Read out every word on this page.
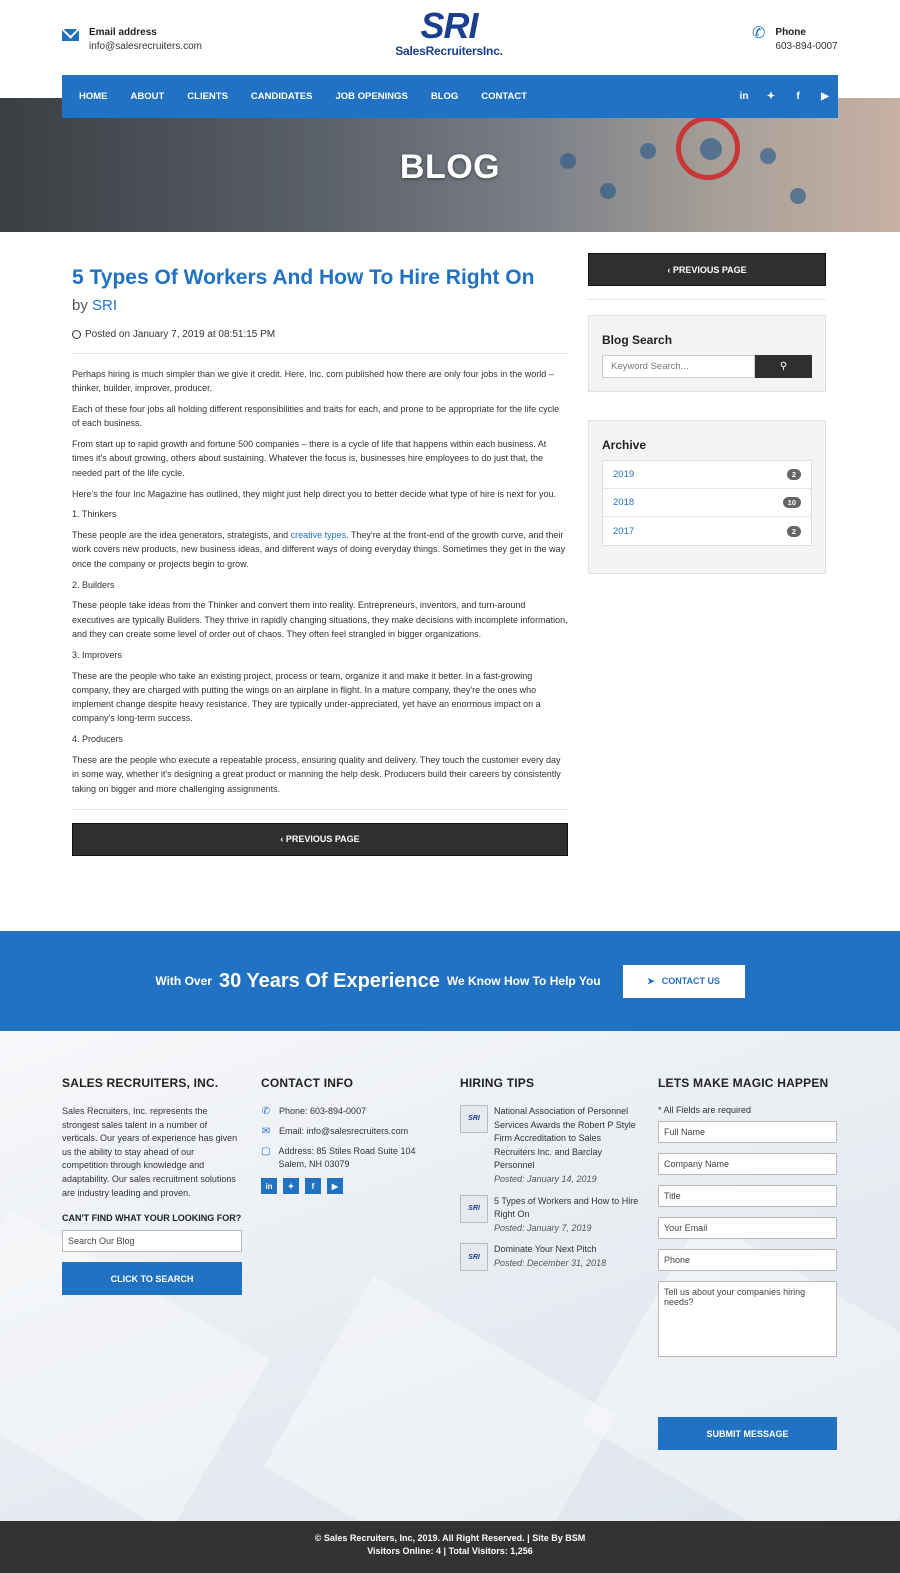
Email address
info@salesrecruiters.com
SRI
SalesRecruitersInc.
✆ Phone
603-894-0007
BLOG
HOME ABOUT CLIENTS CANDIDATES JOB OPENINGS BLOG CONTACT	in ✦	f	▶
5 Types Of Workers And How To Hire Right On
by SRI
Posted on January 7, 2019 at 08:51:15 PM

Perhaps hiring is much simpler than we give it credit. Here, Inc. com published how there are only four jobs in the world – thinker, builder, improver, producer.

Each of these four jobs all holding different responsibilities and traits for each, and prone to be appropriate for the life cycle of each business.

From start up to rapid growth and fortune 500 companies – there is a cycle of life that happens within each business. At times it's about growing, others about sustaining. Whatever the focus is, businesses hire employees to do just that, the needed part of the life cycle.

Here's the four Inc Magazine has outlined, they might just help direct you to better decide what type of hire is next for you.

1. Thinkers

These people are the idea generators, strategists, and creative types. They're at the front-end of the growth curve, and their work covers new products, new business ideas, and different ways of doing everyday things. Sometimes they get in the way once the company or projects begin to grow.

2. Builders

These people take ideas from the Thinker and convert them into reality. Entrepreneurs, inventors, and turn-around executives are typically Builders. They thrive in rapidly changing situations, they make decisions with incomplete information, and they can create some level of order out of chaos. They often feel strangled in bigger organizations.

3. Improvers

These are the people who take an existing project, process or team, organize it and make it better. In a fast-growing company, they are charged with putting the wings on an airplane in flight. In a mature company, they're the ones who implement change despite heavy resistance. They are typically under-appreciated, yet have an enormous impact on a company's long-term success.

4. Producers

These are the people who execute a repeatable process, ensuring quality and delivery. They touch the customer every day in some way, whether it's designing a great product or manning the help desk. Producers build their careers by consistently taking on bigger and more challenging assignments.

‹ PREVIOUS PAGE
‹ PREVIOUS PAGE
Blog Search
Keyword Search...	⚲
Archive
2019	2
2018	10
2017	2
With Over 30 Years Of Experience We Know How To Help You	➤ CONTACT US
SALES RECRUITERS, INC.

Sales Recruiters, Inc. represents the strongest sales talent in a number of verticals. Our years of experience has given us the ability to stay ahead of our competition through knowledge and adaptability. Our sales recruitment solutions are industry leading and proven.

CAN'T FIND WHAT YOUR LOOKING FOR?
Search Our Blog
CLICK TO SEARCH
CONTACT INFO
✆ Phone: 603-894-0007
✉ Email: info@salesrecruiters.com
▢ Address: 85 Stiles Road Suite 104 Salem, NH 03079
in	✦	f	▶
HIRING TIPS
SRI
National Association of Personnel Services Awards the Robert P Style Firm Accreditation to Sales Recruiters Inc. and Barclay Personnel
Posted: January 14, 2019
SRI
5 Types of Workers and How to Hire Right On
Posted: January 7, 2019
SRI
Dominate Your Next Pitch
Posted: December 31, 2018
LETS MAKE MAGIC HAPPEN
* All Fields are required
Full Name
Company Name
Title
Your Email
Phone
Tell us about your companies hiring needs?
SUBMIT MESSAGE
© Sales Recruiters, Inc, 2019. All Right Reserved. | Site By BSM
Visitors Online: 4 | Total Visitors: 1,256
